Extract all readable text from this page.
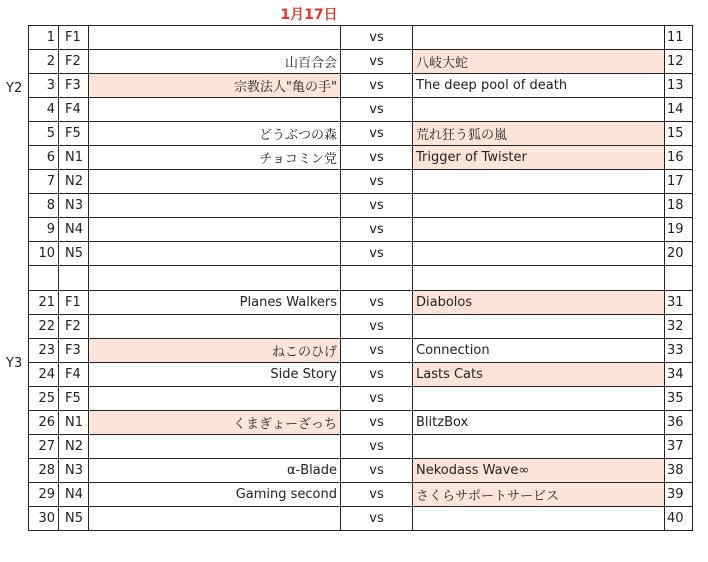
1月17日
Y2
Y3
1	F1		vs		11
2	F2	山百合会	vs	八岐大蛇	12
3	F3	宗教法人"亀の手"	vs	The deep pool of death	13
4	F4		vs		14
5	F5	どうぶつの森	vs	荒れ狂う狐の嵐	15
6	N1	チョコミン党	vs	Trigger of Twister	16
7	N2		vs		17
8	N3		vs		18
9	N4		vs		19
10	N5		vs		20

21	F1	Planes Walkers	vs	Diabolos	31
22	F2		vs		32
23	F3	ねこのひげ	vs	Connection	33
24	F4	Side Story	vs	Lasts Cats	34
25	F5		vs		35
26	N1	くまぎょーざっち	vs	BlitzBox	36
27	N2		vs		37
28	N3	α-Blade	vs	Nekodass Wave∞	38
29	N4	Gaming second	vs	さくらサポートサービス	39
30	N5		vs		40
